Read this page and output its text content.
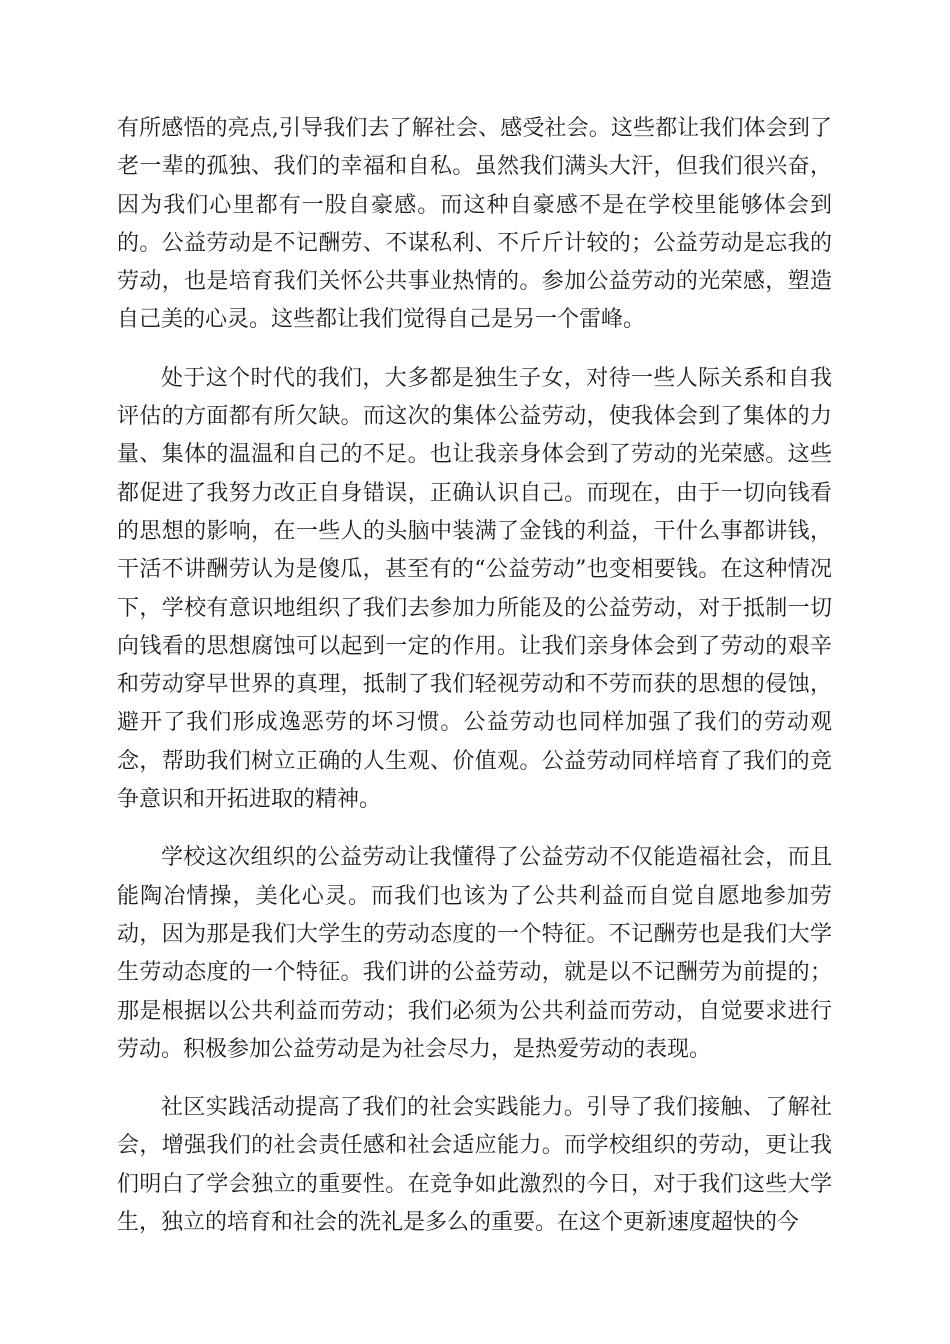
有所感悟的亮点,引导我们去了解社会、感受社会。这些都让我们体会到了老一辈的孤独、我们的幸福和自私。虽然我们满头大汗，但我们很兴奋，因为我们心里都有一股自豪感。而这种自豪感不是在学校里能够体会到的。公益劳动是不记酬劳、不谋私利、不斤斤计较的；公益劳动是忘我的劳动，也是培育我们关怀公共事业热情的。参加公益劳动的光荣感，塑造自己美的心灵。这些都让我们觉得自己是另一个雷峰。

处于这个时代的我们，大多都是独生子女，对待一些人际关系和自我评估的方面都有所欠缺。而这次的集体公益劳动，使我体会到了集体的力量、集体的温温和自己的不足。也让我亲身体会到了劳动的光荣感。这些都促进了我努力改正自身错误，正确认识自己。而现在，由于一切向钱看的思想的影响，在一些人的头脑中装满了金钱的利益，干什么事都讲钱，干活不讲酬劳认为是傻瓜，甚至有的“公益劳动”也变相要钱。在这种情况下，学校有意识地组织了我们去参加力所能及的公益劳动，对于抵制一切向钱看的思想腐蚀可以起到一定的作用。让我们亲身体会到了劳动的艰辛和劳动穿早世界的真理，抵制了我们轻视劳动和不劳而获的思想的侵蚀，避开了我们形成逸恶劳的坏习惯。公益劳动也同样加强了我们的劳动观念，帮助我们树立正确的人生观、价值观。公益劳动同样培育了我们的竞争意识和开拓进取的精神。

学校这次组织的公益劳动让我懂得了公益劳动不仅能造福社会，而且能陶冶情操，美化心灵。而我们也该为了公共利益而自觉自愿地参加劳动，因为那是我们大学生的劳动态度的一个特征。不记酬劳也是我们大学生劳动态度的一个特征。我们讲的公益劳动，就是以不记酬劳为前提的；那是根据以公共利益而劳动；我们必须为公共利益而劳动，自觉要求进行劳动。积极参加公益劳动是为社会尽力，是热爱劳动的表现。

社区实践活动提高了我们的社会实践能力。引导了我们接触、了解社会，增强我们的社会责任感和社会适应能力。而学校组织的劳动，更让我们明白了学会独立的重要性。在竞争如此激烈的今日，对于我们这些大学生，独立的培育和社会的洗礼是多么的重要。在这个更新速度超快的今
